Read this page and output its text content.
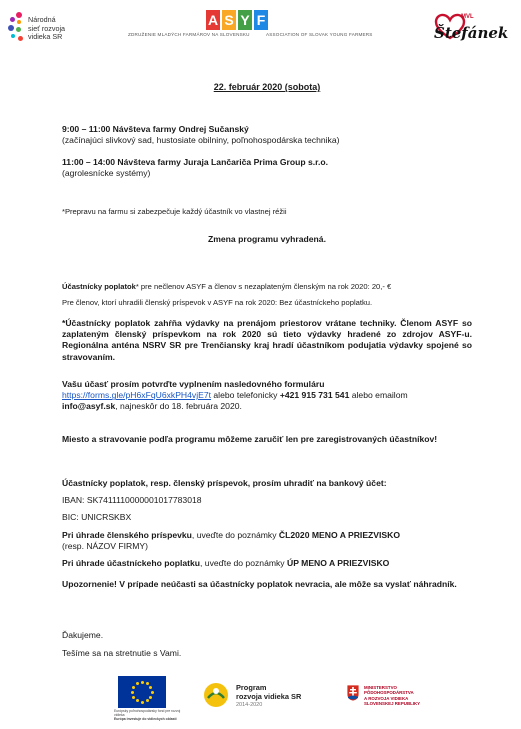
Národná
sieť rozvoja
vidieka SR
A S Y F
ZDRUŽENIE MLADÝCH FARMÁROV NA SLOVENSKU	ASSOCIATION OF SLOVAK YOUNG FARMERS
MVL
Štefánek
22. február 2020 (sobota)
9:00 – 11:00 Návšteva farmy Ondrej Sučanský
(začínajúci slivkový sad, hustosiate obilniny, poľnohospodárska technika)
11:00 – 14:00 Návšteva farmy Juraja Lančariča Prima Group s.r.o.
(agrolesnícke systémy)
*Prepravu na farmu si zabezpečuje každý účastník vo vlastnej réžii
Zmena programu vyhradená.
Účastnícky poplatok* pre nečlenov ASYF a členov s nezaplateným členským na rok 2020: 20,- €
Pre členov, ktorí uhradili členský príspevok v ASYF na rok 2020: Bez účastníckeho poplatku.
*Účastnícky poplatok zahŕňa výdavky na prenájom priestorov vrátane techniky. Členom ASYF so zaplateným členský príspevkom na rok 2020 sú tieto výdavky hradené zo zdrojov ASYF-u. Regionálna anténa NSRV SR pre Trenčiansky kraj hradí účastníkom podujatia výdavky spojené so stravovaním.
Vašu účasť prosím potvrďte vyplnením nasledovného formuláru
https://forms.gle/pH6xFqU6xkPH4vjE7t alebo telefonicky +421 915 731 541 alebo emailom
info@asyf.sk, najneskôr do 18. februára 2020.
Miesto a stravovanie podľa programu môžeme zaručiť len pre zaregistrovaných účastníkov!
Účastnícky poplatok, resp. členský príspevok, prosím uhradiť na bankový účet:
IBAN: SK7411110000001017783018
BIC: UNICRSKBX
Pri úhrade členského príspevku, uveďte do poznámky ČL2020 MENO A PRIEZVISKO
(resp. NÁZOV FIRMY)
Pri úhrade účastníckeho poplatku, uveďte do poznámky ÚP MENO A PRIEZVISKO
Upozornenie! V prípade neúčasti sa účastnícky poplatok nevracia, ale môže sa vyslať náhradník.
Ďakujeme.
Tešíme sa na stretnutie s Vami.
Európsky poľnohospodársky fond pre rozvoj vidieka
Európa investuje do vidieckych oblastí
Program
rozvoja vidieka SR
2014-2020
MINISTERSTVO
PÔDOHOSPODÁRSTVA
A ROZVOJA VIDIEKA
SLOVENSKEJ REPUBLIKY
